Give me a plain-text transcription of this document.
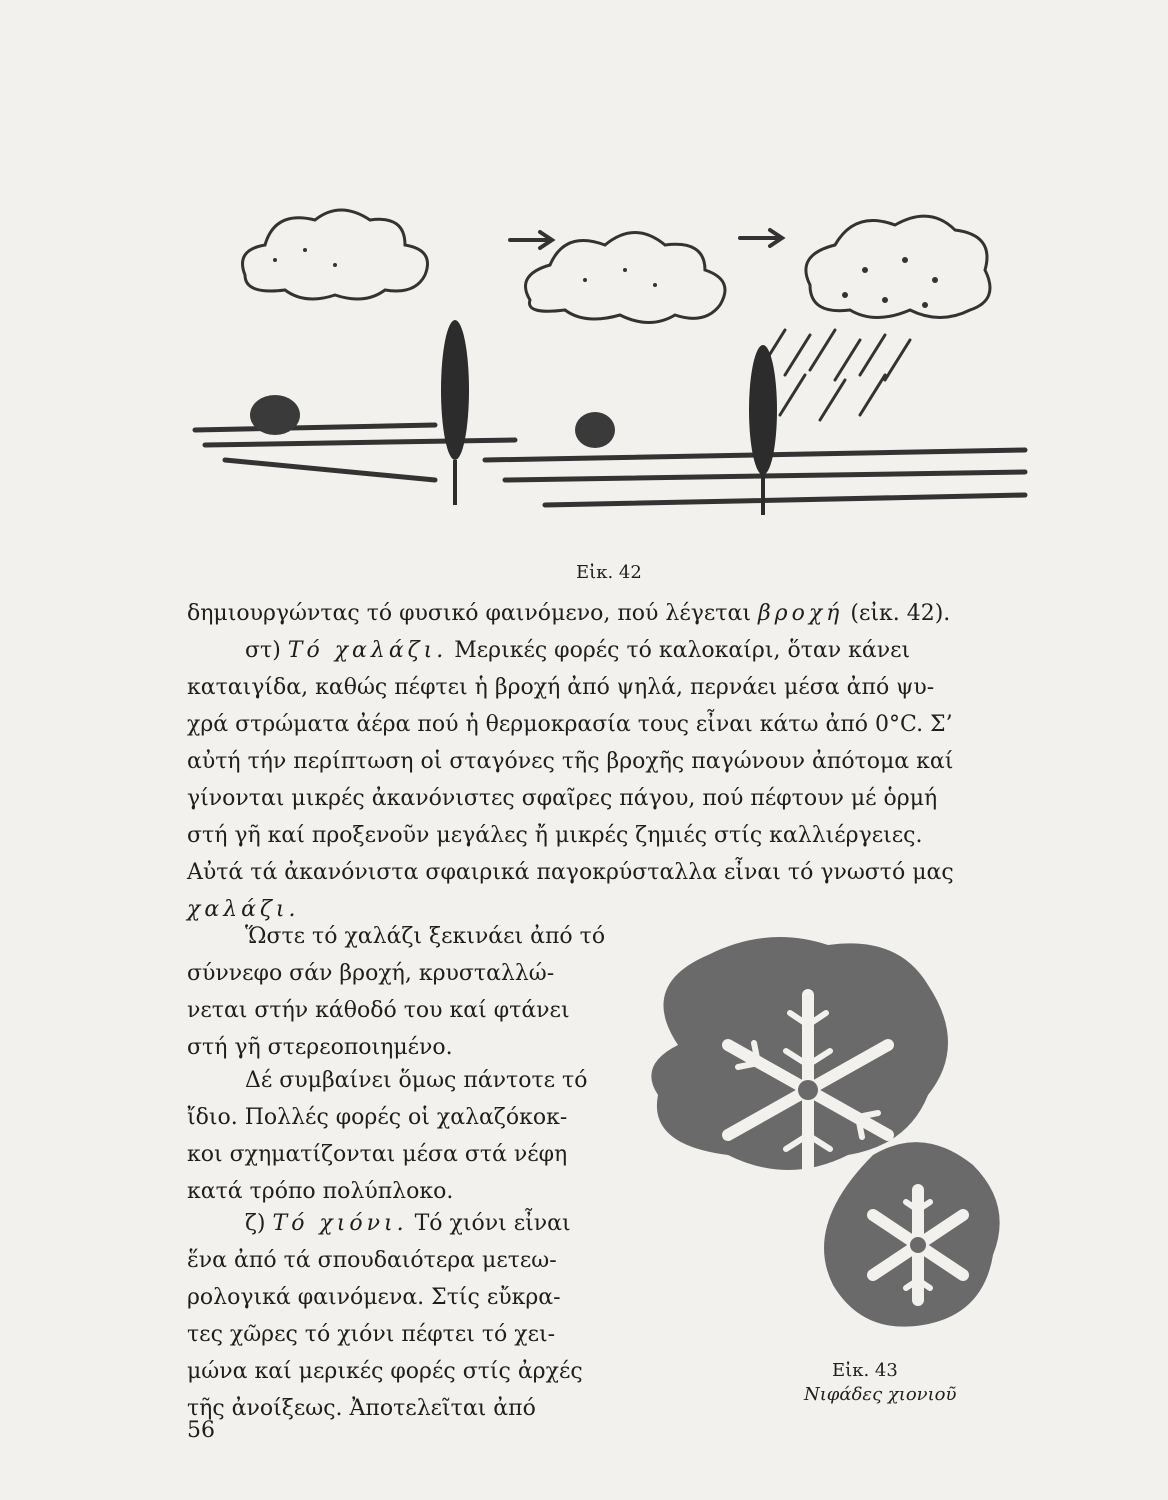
Εἰκ. 42
δημιουργώντας τό φυσικό φαινόμενο, πού λέγεται βροχή (εἰκ. 42).
στ) Τό χαλάζι. Μερικές φορές τό καλοκαίρι, ὅταν κάνει
καταιγίδα, καθώς πέφτει ἡ βροχή ἀπό ψηλά, περνάει μέσα ἀπό ψυ-
χρά στρώματα ἀέρα πού ἡ θερμοκρασία τους εἶναι κάτω ἀπό 0°C. Σ’
αὐτή τήν περίπτωση οἱ σταγόνες τῆς βροχῆς παγώνουν ἀπότομα καί
γίνονται μικρές ἀκανόνιστες σφαῖρες πάγου, πού πέφτουν μέ ὁρμή
στή γῆ καί προξενοῦν μεγάλες ἤ μικρές ζημιές στίς καλλιέργειες.
Αὐτά τά ἀκανόνιστα σφαιρικά παγοκρύσταλλα εἶναι τό γνωστό μας
χαλάζι.
Ὥστε τό χαλάζι ξεκινάει ἀπό τό
σύννεφο σάν βροχή, κρυσταλλώ-
νεται στήν κάθοδό του καί φτάνει
στή γῆ στερεοποιημένο.
Δέ συμβαίνει ὅμως πάντοτε τό
ἴδιο. Πολλές φορές οἱ χαλαζόκοκ-
κοι σχηματίζονται μέσα στά νέφη
κατά τρόπο πολύπλοκο.
ζ) Τό χιόνι. Τό χιόνι εἶναι
ἕνα ἀπό τά σπουδαιότερα μετεω-
ρολογικά φαινόμενα. Στίς εὔκρα-
τες χῶρες τό χιόνι πέφτει τό χει-
μώνα καί μερικές φορές στίς ἀρχές
τῆς ἀνοίξεως. Ἀποτελεῖται ἀπό
Εἰκ. 43
Νιφάδες χιονιοῦ
56
